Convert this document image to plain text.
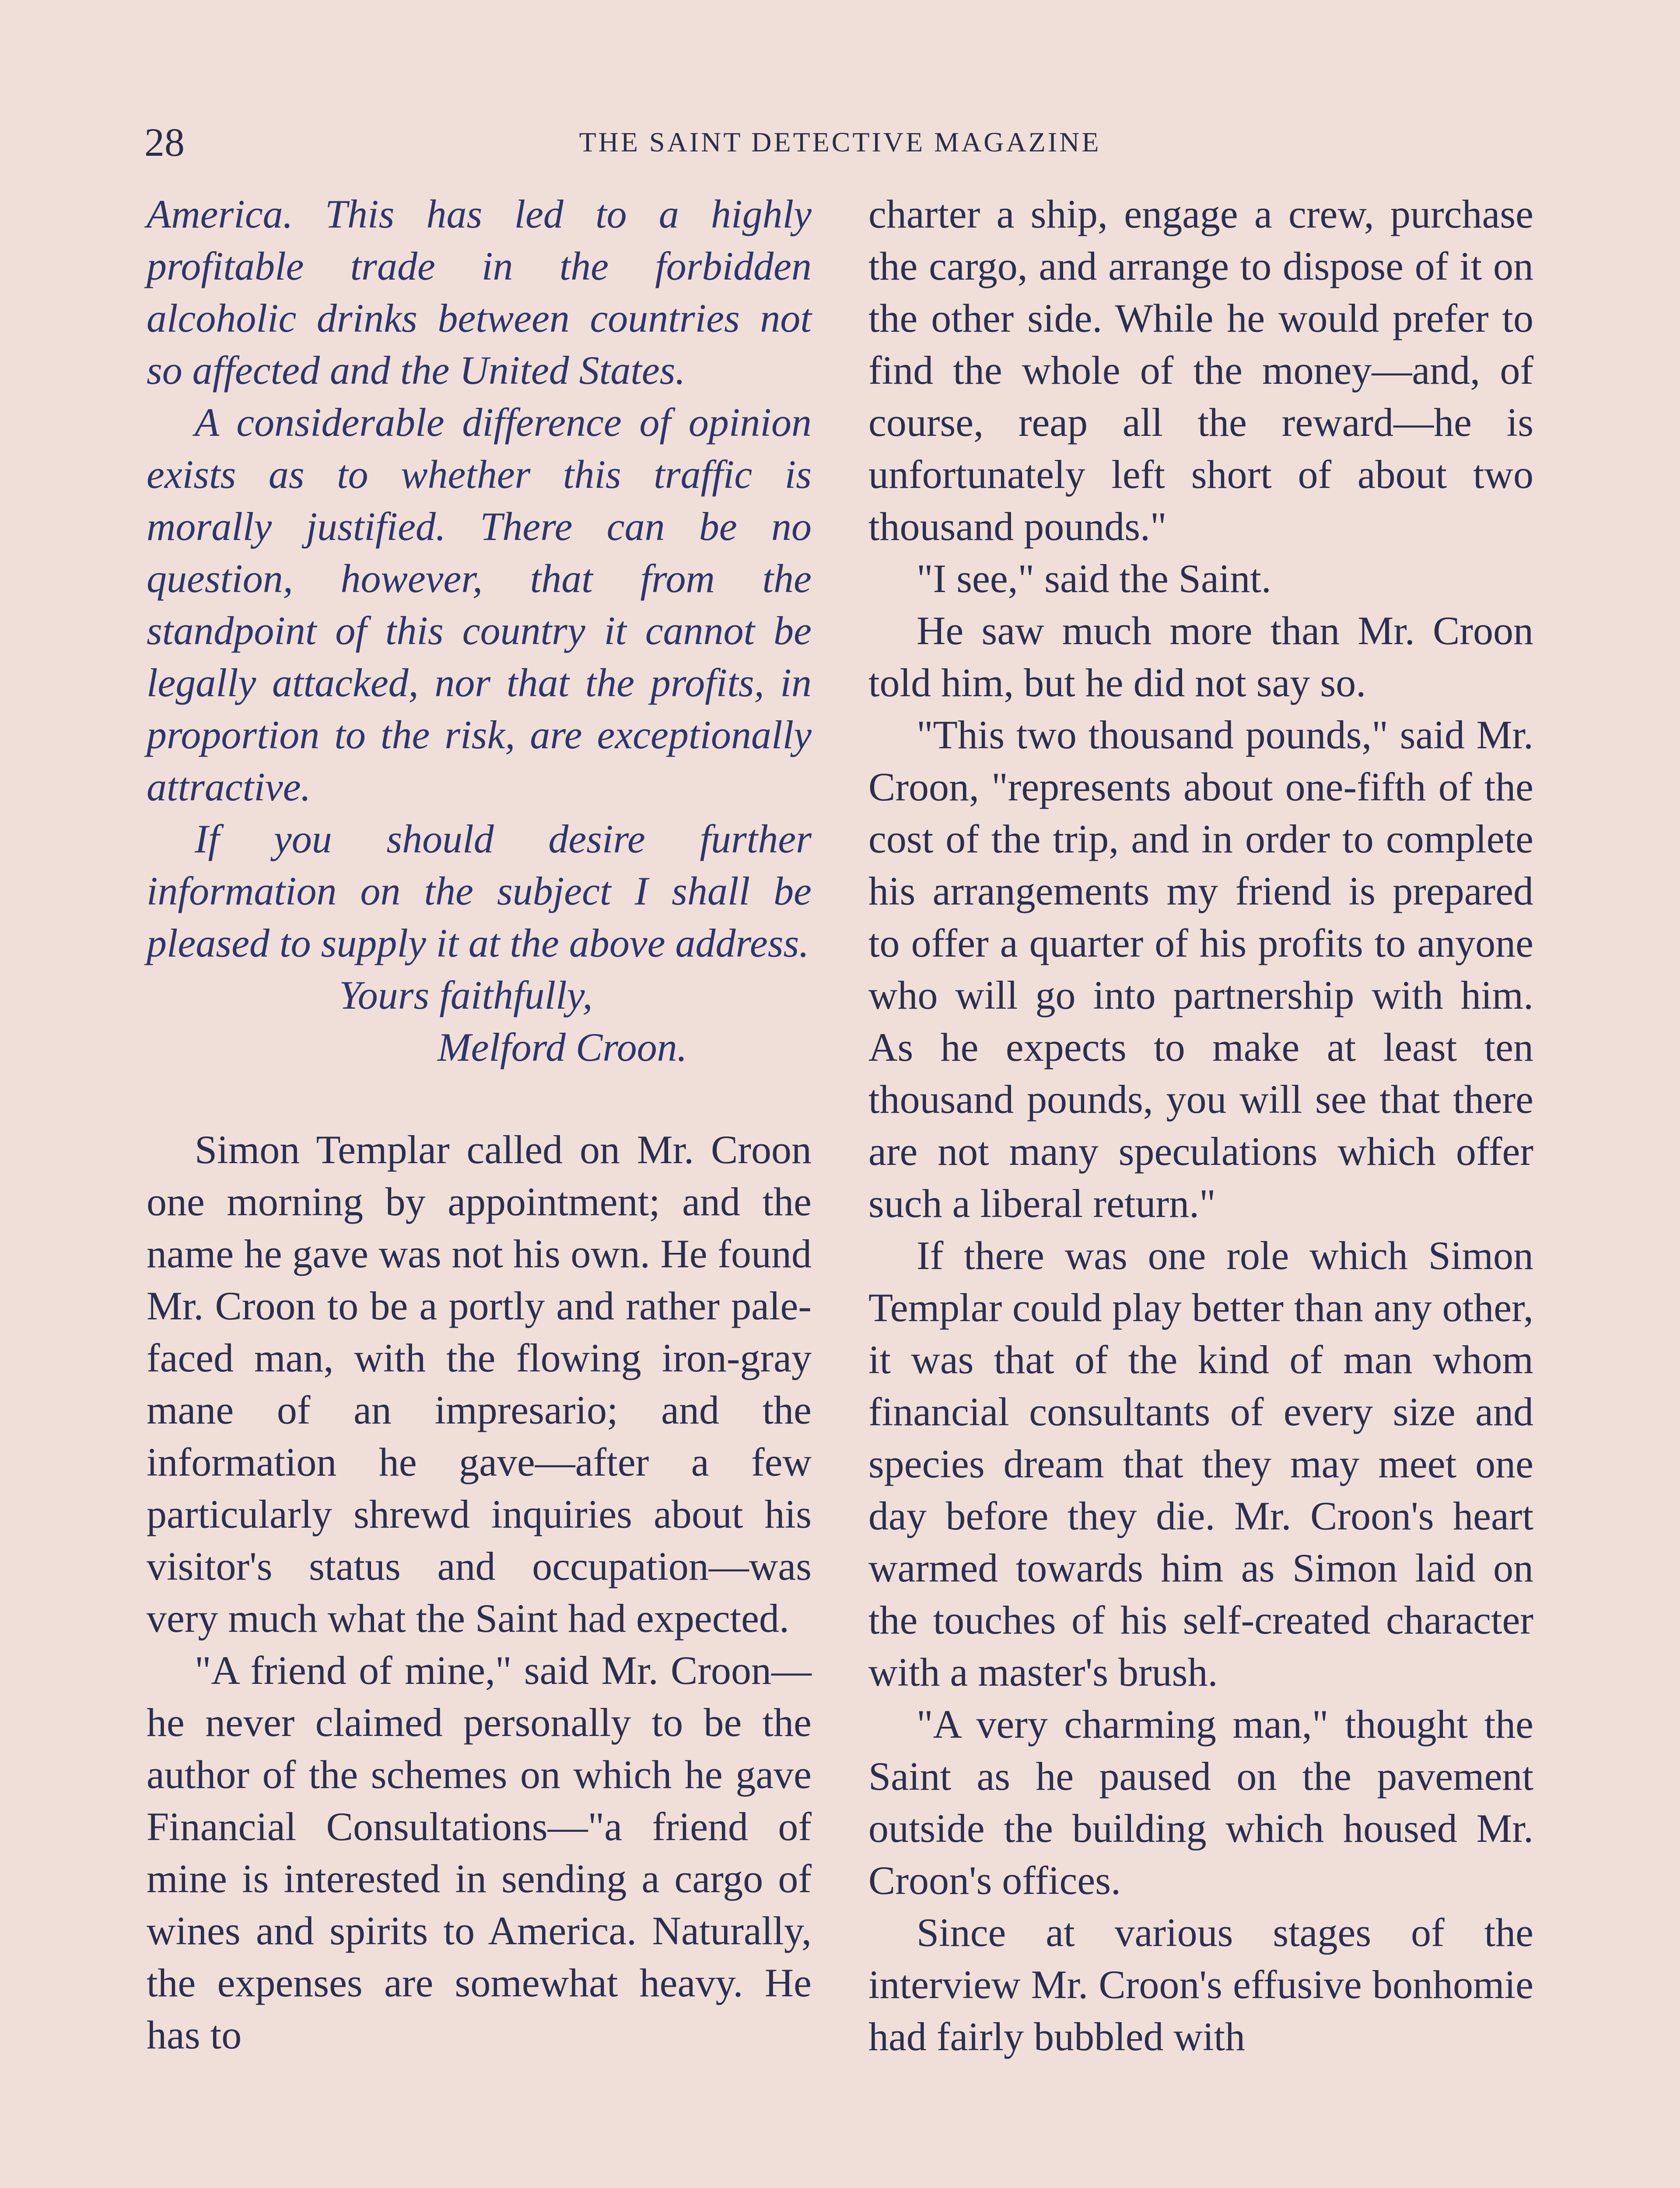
28	THE SAINT DETECTIVE MAGAZINE

America. This has led to a highly profitable trade in the forbidden alcoholic drinks between countries not so affected and the United States.

A considerable difference of opinion exists as to whether this traffic is morally justified. There can be no question, however, that from the standpoint of this country it cannot be legally attacked, nor that the profits, in proportion to the risk, are exceptionally attractive.

If you should desire further information on the subject I shall be pleased to supply it at the above address.

Yours faithfully,
Melford Croon.

Simon Templar called on Mr. Croon one morning by appointment; and the name he gave was not his own. He found Mr. Croon to be a portly and rather pale-faced man, with the flowing iron-gray mane of an impresario; and the information he gave—after a few particularly shrewd inquiries about his visitor's status and occupation—was very much what the Saint had expected.

"A friend of mine," said Mr. Croon—he never claimed personally to be the author of the schemes on which he gave Financial Consultations—"a friend of mine is interested in sending a cargo of wines and spirits to America. Naturally, the expenses are somewhat heavy. He has to

charter a ship, engage a crew, purchase the cargo, and arrange to dispose of it on the other side. While he would prefer to find the whole of the money—and, of course, reap all the reward—he is unfortunately left short of about two thousand pounds."

"I see," said the Saint.

He saw much more than Mr. Croon told him, but he did not say so.

"This two thousand pounds," said Mr. Croon, "represents about one-fifth of the cost of the trip, and in order to complete his arrangements my friend is prepared to offer a quarter of his profits to anyone who will go into partnership with him. As he expects to make at least ten thousand pounds, you will see that there are not many speculations which offer such a liberal return."

If there was one role which Simon Templar could play better than any other, it was that of the kind of man whom financial consultants of every size and species dream that they may meet one day before they die. Mr. Croon's heart warmed towards him as Simon laid on the touches of his self-created character with a master's brush.

"A very charming man," thought the Saint as he paused on the pavement outside the building which housed Mr. Croon's offices.

Since at various stages of the interview Mr. Croon's effusive bonhomie had fairly bubbled with
